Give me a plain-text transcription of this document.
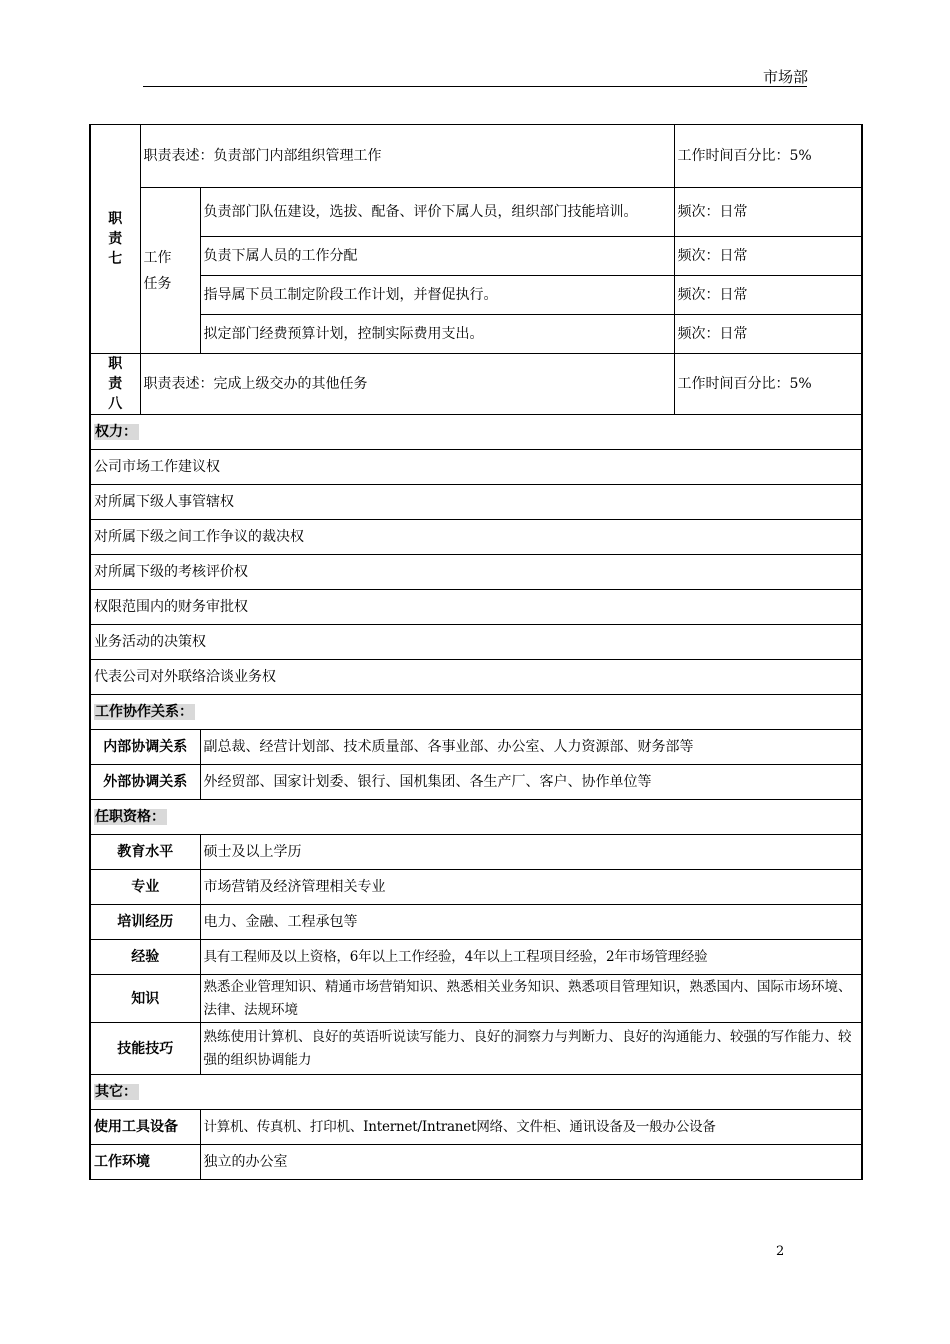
市场部
职
责
七	职责表述：负责部门内部组织管理工作		工作时间百分比：5%

	工作
任务	负责部门队伍建设，选拔、配备、评价下属人员，组织部门技能培训。	频次：日常
		负责下属人员的工作分配	频次：日常
		指导属下员工制定阶段工作计划，并督促执行。	频次：日常
		拟定部门经费预算计划，控制实际费用支出。	频次：日常

职
责
八	职责表述：完成上级交办的其他任务		工作时间百分比：5%
权力：			
公司市场工作建议权			
对所属下级人事管辖权			
对所属下级之间工作争议的裁决权			
对所属下级的考核评价权			
权限范围内的财务审批权			
业务活动的决策权			
代表公司对外联络洽谈业务权			
工作协作关系：			
内部协调关系		副总裁、经营计划部、技术质量部、各事业部、办公室、人力资源部、财务部等	
外部协调关系		外经贸部、国家计划委、银行、国机集团、各生产厂、客户、协作单位等	
任职资格：			
教育水平		硕士及以上学历	
专业		市场营销及经济管理相关专业	
培训经历		电力、金融、工程承包等	
经验		具有工程师及以上资格，6年以上工作经验，4年以上工程项目经验，2年市场管理经验	
知识		熟悉企业管理知识、精通市场营销知识、熟悉相关业务知识、熟悉项目管理知识，熟悉国内、国际市场环境、法律、法规环境	
技能技巧		熟练使用计算机、良好的英语听说读写能力、良好的洞察力与判断力、良好的沟通能力、较强的写作能力、较强的组织协调能力	
其它：			
使用工具设备		计算机、传真机、打印机、Internet/Intranet网络、文件柜、通讯设备及一般办公设备	
工作环境		独立的办公室	
2
